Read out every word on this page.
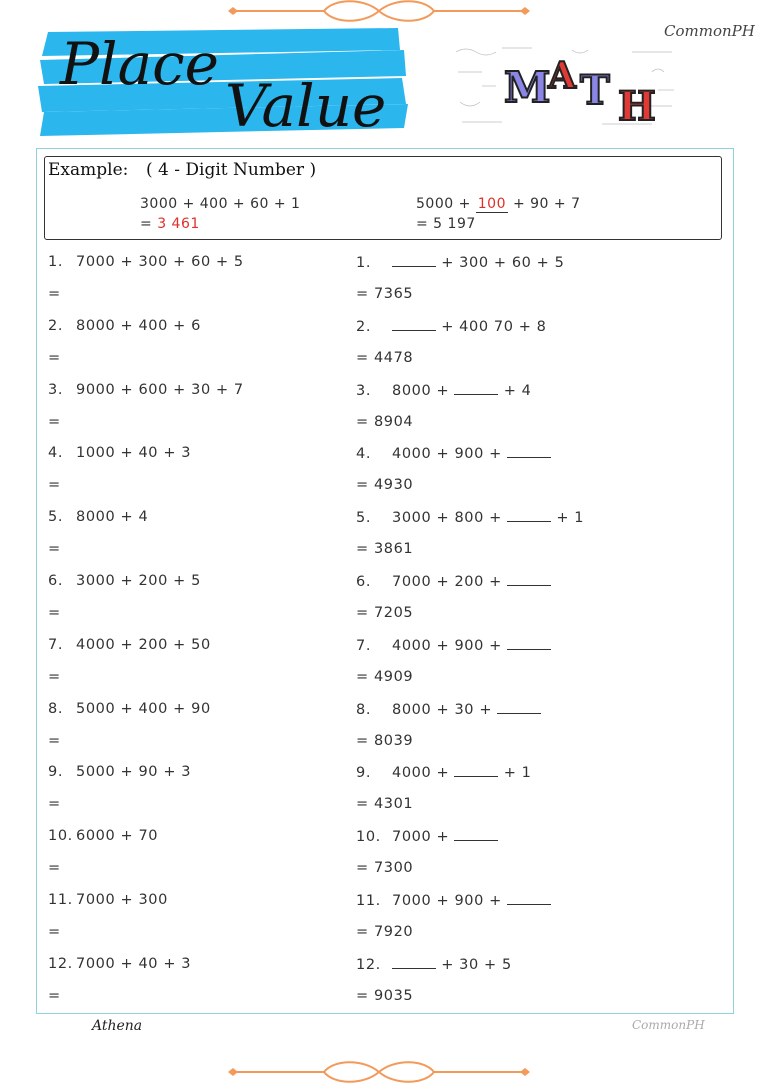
Place
Value
CommonPH
M
A T H
Example: ( 4 - Digit Number )
3000 + 400 + 60 + 1
= 3 461
5000 + 100 + 90 + 7
= 5 197
1. 7000 + 300 + 60 + 5
=
2. 8000 + 400 + 6
=
3. 9000 + 600 + 30 + 7
=
4. 1000 + 40 + 3
=
5. 8000 + 4
=
6. 3000 + 200 + 5
=
7. 4000 + 200 + 50
=
8. 5000 + 400 + 90
=
9. 5000 + 90 + 3
=
10. 6000 + 70
=
11. 7000 + 300
=
12. 7000 + 40 + 3
=
1.	+ 300 + 60 + 5
= 7365
2.	+ 400 70 + 8
= 4478
3. 8000 +	+ 4
= 8904
4. 4000 + 900 +
= 4930
5. 3000 + 800 +	+ 1
= 3861
6. 7000 + 200 +
= 7205
7. 4000 + 900 +
= 4909
8. 8000 + 30 +
= 8039
9. 4000 +	+ 1
= 4301
10. 7000 +
= 7300
11. 7000 + 900 +
= 7920
12.	+ 30 + 5
= 9035
Athena	CommonPH
